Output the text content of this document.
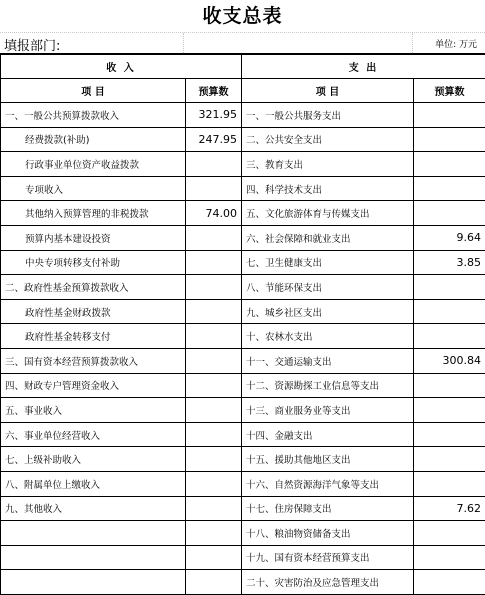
收支总表
填报部门:	单位: 万元
收 入		支 出	
项 目	预算数	项 目	预算数
一、一般公共预算拨款收入	321.95	一、一般公共服务支出	
经费拨款(补助)	247.95	二、公共安全支出	
行政事业单位资产收益拨款		三、教育支出	
专项收入		四、科学技术支出	
其他纳入预算管理的非税拨款	74.00	五、文化旅游体育与传媒支出	
预算内基本建设投资		六、社会保障和就业支出	9.64
中央专项转移支付补助		七、卫生健康支出	3.85
二、政府性基金预算拨款收入		八、节能环保支出	
政府性基金财政拨款		九、城乡社区支出	
政府性基金转移支付		十、农林水支出	
三、国有资本经营预算拨款收入		十一、交通运输支出	300.84
四、财政专户管理资金收入		十二、资源勘探工业信息等支出	
五、事业收入		十三、商业服务业等支出	
六、事业单位经营收入		十四、金融支出	
七、上级补助收入		十五、援助其他地区支出	
八、附属单位上缴收入		十六、自然资源海洋气象等支出	
九、其他收入		十七、住房保障支出	7.62
		十八、粮油物资储备支出	
		十九、国有资本经营预算支出	
		二十、灾害防治及应急管理支出	
